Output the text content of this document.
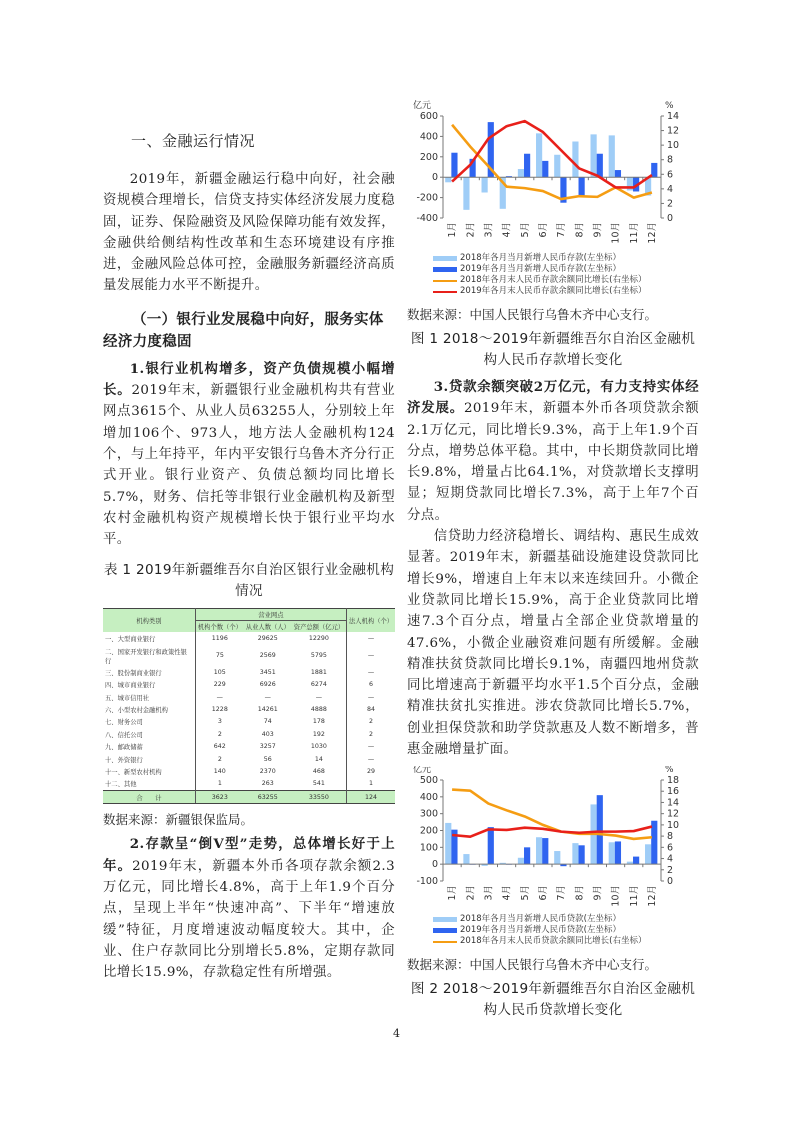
一、金融运行情况

2019年，新疆金融运行稳中向好，社会融资规模合理增长，信贷支持实体经济发展力度稳固，证券、保险融资及风险保障功能有效发挥，金融供给侧结构性改革和生态环境建设有序推进，金融风险总体可控，金融服务新疆经济高质量发展能力水平不断提升。

（一）银行业发展稳中向好，服务实体经济力度稳固

1.银行业机构增多，资产负债规模小幅增长。2019年末，新疆银行业金融机构共有营业网点3615个、从业人员63255人，分别较上年增加106个、973人，地方法人金融机构124个，与上年持平，年内平安银行乌鲁木齐分行正式开业。银行业资产、负债总额均同比增长5.7%，财务、信托等非银行业金融机构及新型农村金融机构资产规模增长快于银行业平均水平。

表 1 2019年新疆维吾尔自治区银行业金融机构情况
机构类别	营业网点			法人机构（个）
	机构个数（个）	从业人数（人）	资产总额（亿元）	
一、大型商业银行	1196	29625	12290	—
二、国家开发银行和政策性银行	75	2569	5795	—
三、股份制商业银行	105	3451	1881	—
四、城市商业银行	229	6926	6274	6
五、城市信用社	—	—	—	—
六、小型农村金融机构	1228	14261	4888	84
七、财务公司	3	74	178	2
八、信托公司	2	403	192	2
九、邮政储蓄	642	3257	1030	—
十、外资银行	2	56	14	—
十一、新型农村机构	140	2370	468	29
十二、其他	1	263	541	1
合　　计	3623	63255	33550	124
数据来源：新疆银保监局。

2.存款呈“倒V型”走势，总体增长好于上年。2019年末，新疆本外币各项存款余额2.3万亿元，同比增长4.8%，高于上年1.9个百分点，呈现上半年“快速冲高”、下半年“增速放缓”特征，月度增速波动幅度较大。其中，企业、住户存款同比分别增长5.8%，定期存款同比增长15.9%，存款稳定性有所增强。

亿元	%
-400
-200
0
200
400
600
0
2
4
6
8
10
12
14
1月 2月 3月 4月 5月 6月 7月 8月 9月 10月 11月 12月
2018年各月当月新增人民币存款(左坐标）
2019年各月当月新增人民币存款(左坐标）
2018年各月末人民币存款余额同比增长(右坐标）
2019年各月末人民币存款余额同比增长(右坐标）
数据来源：中国人民银行乌鲁木齐中心支行。
图 1 2018～2019年新疆维吾尔自治区金融机构人民币存款增长变化

3.贷款余额突破2万亿元，有力支持实体经济发展。2019年末，新疆本外币各项贷款余额2.1万亿元，同比增长9.3%，高于上年1.9个百分点，增势总体平稳。其中，中长期贷款同比增长9.8%，增量占比64.1%，对贷款增长支撑明显；短期贷款同比增长7.3%，高于上年7个百分点。

信贷助力经济稳增长、调结构、惠民生成效显著。2019年末，新疆基础设施建设贷款同比增长9%，增速自上年末以来连续回升。小微企业贷款同比增长15.9%，高于企业贷款同比增速7.3个百分点，增量占全部企业贷款增量的47.6%，小微企业融资难问题有所缓解。金融精准扶贫贷款同比增长9.1%，南疆四地州贷款同比增速高于新疆平均水平1.5个百分点，金融精准扶贫扎实推进。涉农贷款同比增长5.7%，创业担保贷款和助学贷款惠及人数不断增多，普惠金融增量扩面。

亿元	%
-100
0
100
200
300
400
500
0
2
4
6
8
10
12
14
16
18
1月 2月 3月 4月 5月 6月 7月 8月 9月 10月 11月 12月
2018年各月当月新增人民币贷款(左坐标）
2019年各月当月新增人民币贷款(左坐标）
2018年各月末人民币贷款余额同比增长(右坐标）
数据来源：中国人民银行乌鲁木齐中心支行。
图 2 2018～2019年新疆维吾尔自治区金融机构人民币贷款增长变化
4
